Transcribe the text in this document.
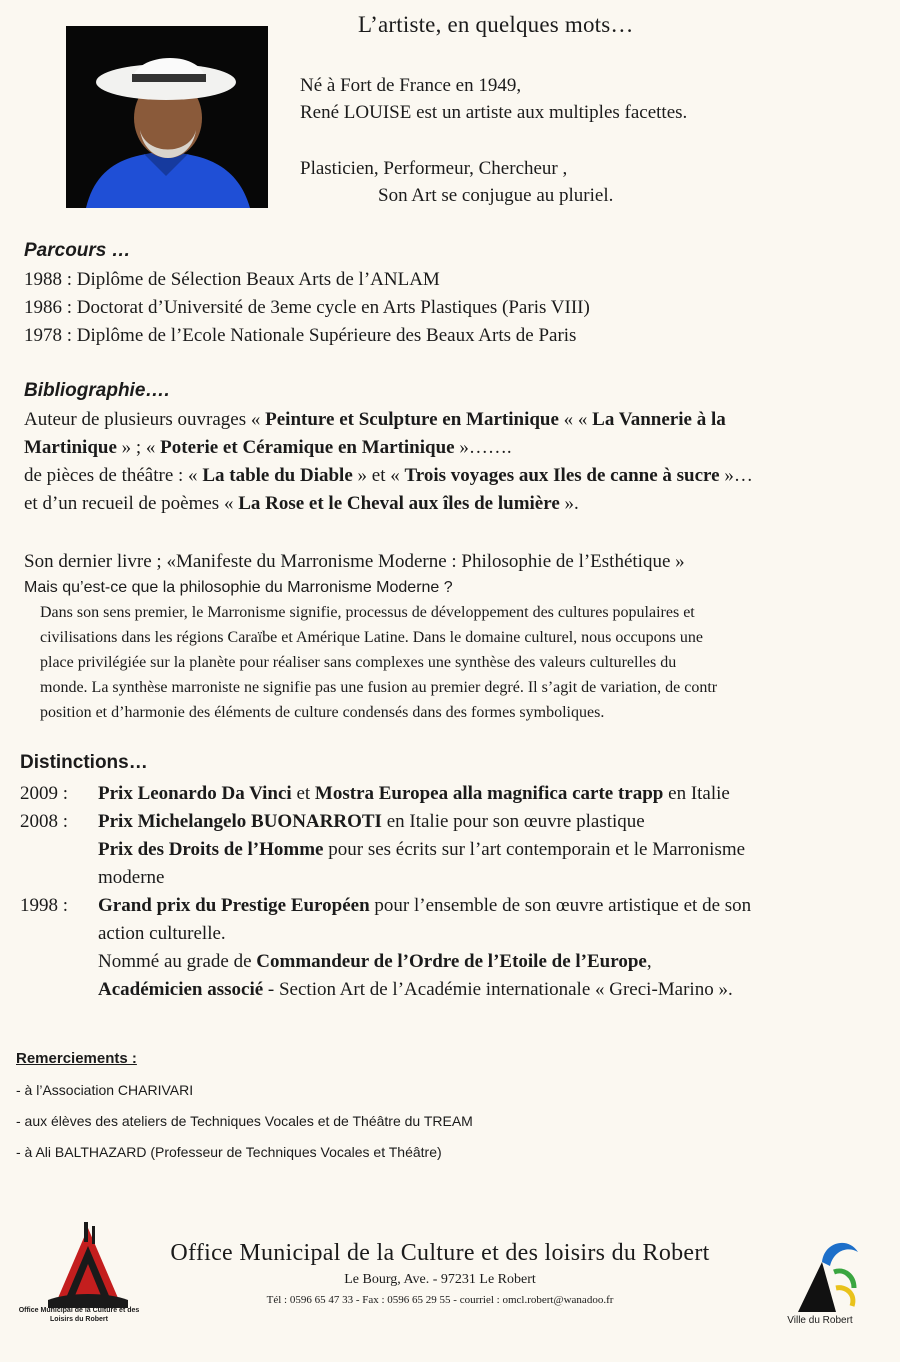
L’artiste, en quelques mots…
Né à Fort de France en 1949,
René LOUISE est un artiste aux multiples facettes.
Plasticien, Performeur, Chercheur ,
Son Art se conjugue au pluriel.
Parcours …
1988 : Diplôme de Sélection Beaux Arts de l’ANLAM
1986 : Doctorat d’Université de 3eme cycle en Arts Plastiques (Paris VIII)
1978 : Diplôme de l’Ecole Nationale Supérieure des Beaux Arts de Paris
Bibliographie….
Auteur de plusieurs ouvrages « Peinture et Sculpture en Martinique « « La Vannerie à la
Martinique » ; « Poterie et Céramique en Martinique »…….
de pièces de théâtre : « La table du Diable » et « Trois voyages aux Iles de canne à sucre »…
et d’un recueil de poèmes « La Rose et le Cheval aux îles de lumière ».
Son dernier livre ; «Manifeste du Marronisme Moderne : Philosophie de l’Esthétique »
Mais qu’est-ce que la philosophie du Marronisme Moderne ?
Dans son sens premier, le Marronisme signifie, processus de développement des cultures populaires et
civilisations dans les régions Caraïbe et Amérique Latine. Dans le domaine culturel, nous occupons une
place privilégiée sur la planète pour réaliser sans complexes une synthèse des valeurs culturelles du
monde. La synthèse marroniste ne signifie pas une fusion au premier degré. Il s’agit de variation, de contr
position et d’harmonie des éléments de culture condensés dans des formes symboliques.
Distinctions…
2009 : Prix Leonardo Da Vinci et Mostra Europea alla magnifica carte trapp en Italie
2008 : Prix Michelangelo BUONARROTI en Italie pour son œuvre plastique
Prix des Droits de l’Homme pour ses écrits sur l’art contemporain et le Marronisme
moderne
1998 : Grand prix du Prestige Européen pour l’ensemble de son œuvre artistique et de son
action culturelle.
Nommé au grade de Commandeur de l’Ordre de l’Etoile de l’Europe,
Académicien associé - Section Art de l’Académie internationale « Greci-Marino ».
Remerciements :
- à l’Association CHARIVARI
- aux élèves des ateliers de Techniques Vocales et de Théâtre du TREAM
- à Ali BALTHAZARD (Professeur de Techniques Vocales et Théâtre)
Office Municipal de la Culture et des Loisirs du Robert
Office Municipal de la Culture et des loisirs du Robert
Le Bourg, Ave. - 97231 Le Robert
Tél : 0596 65 47 33 - Fax : 0596 65 29 55 - courriel : omcl.robert@wanadoo.fr
Ville du Robert
